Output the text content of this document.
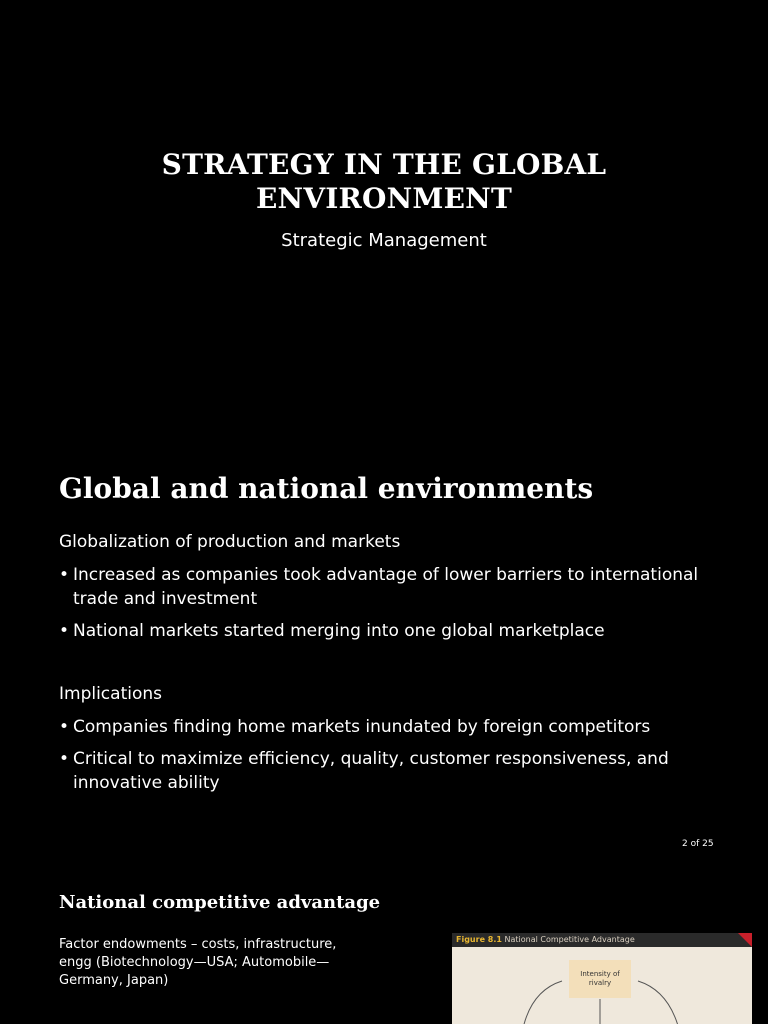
STRATEGY IN THE GLOBAL
ENVIRONMENT

Strategic Management

Global and national environments

Globalization of production and markets

• Increased as companies took advantage of lower barriers to international trade and investment
• National markets started merging into one global marketplace

Implications

• Companies finding home markets inundated by foreign competitors
• Critical to maximize efficiency, quality, customer responsiveness, and innovative ability
2 of 25
National competitive advantage

Factor endowments – costs, infrastructure, engg (Biotechnology—USA; Automobile—Germany, Japan)

Figure 8.1 National Competitive Advantage
Intensity of rivalry
